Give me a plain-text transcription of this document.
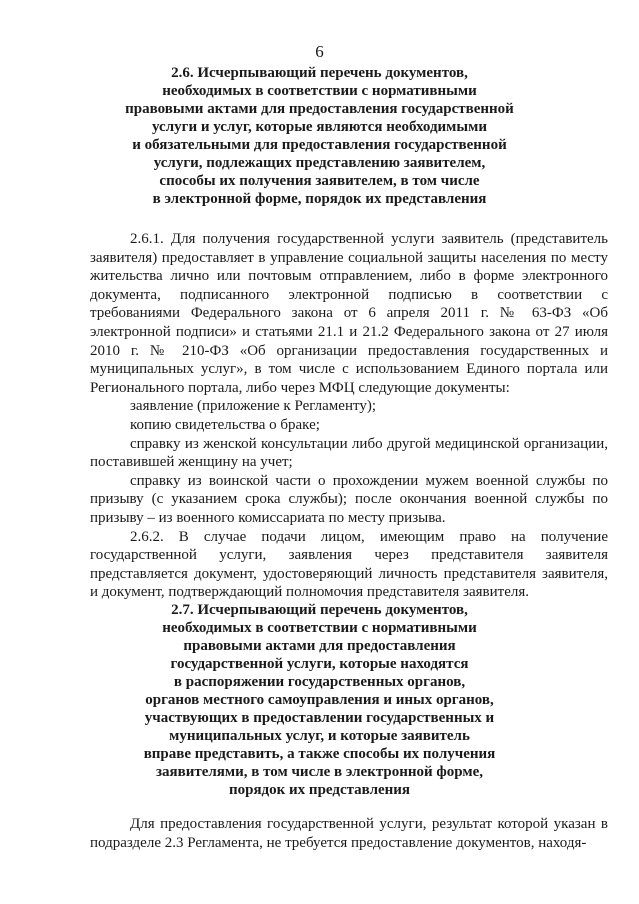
6
2.6. Исчерпывающий перечень документов,
необходимых в соответствии с нормативными
правовыми актами для предоставления государственной
услуги и услуг, которые являются необходимыми
и обязательными для предоставления государственной
услуги, подлежащих представлению заявителем,
способы их получения заявителем, в том числе
в электронной форме, порядок их представления

2.6.1. Для получения государственной услуги заявитель (представитель заявителя) предоставляет в управление социальной защиты населения по месту жительства лично или почтовым отправлением, либо в форме электронного документа, подписанного электронной подписью в соответствии с требованиями Федерального закона от 6 апреля 2011 г. № 63-ФЗ «Об электронной подписи» и статьями 21.1 и 21.2 Федерального закона от 27 июля 2010 г. № 210-ФЗ «Об организации предоставления государственных и муниципальных услуг», в том числе с использованием Единого портала или Регионального портала, либо через МФЦ следующие документы:

заявление (приложение к Регламенту);

копию свидетельства о браке;

справку из женской консультации либо другой медицинской организации, поставившей женщину на учет;

справку из воинской части о прохождении мужем военной службы по призыву (с указанием срока службы); после окончания военной службы по призыву – из военного комиссариата по месту призыва.

2.6.2. В случае подачи лицом, имеющим право на получение государственной услуги, заявления через представителя заявителя представляется документ, удостоверяющий личность представителя заявителя, и документ, подтверждающий полномочия представителя заявителя.

2.7. Исчерпывающий перечень документов,
необходимых в соответствии с нормативными
правовыми актами для предоставления
государственной услуги, которые находятся
в распоряжении государственных органов,
органов местного самоуправления и иных органов,
участвующих в предоставлении государственных и
муниципальных услуг, и которые заявитель
вправе представить, а также способы их получения
заявителями, в том числе в электронной форме,
порядок их представления

Для предоставления государственной услуги, результат которой указан в подразделе 2.3 Регламента, не требуется предоставление документов, находя-
